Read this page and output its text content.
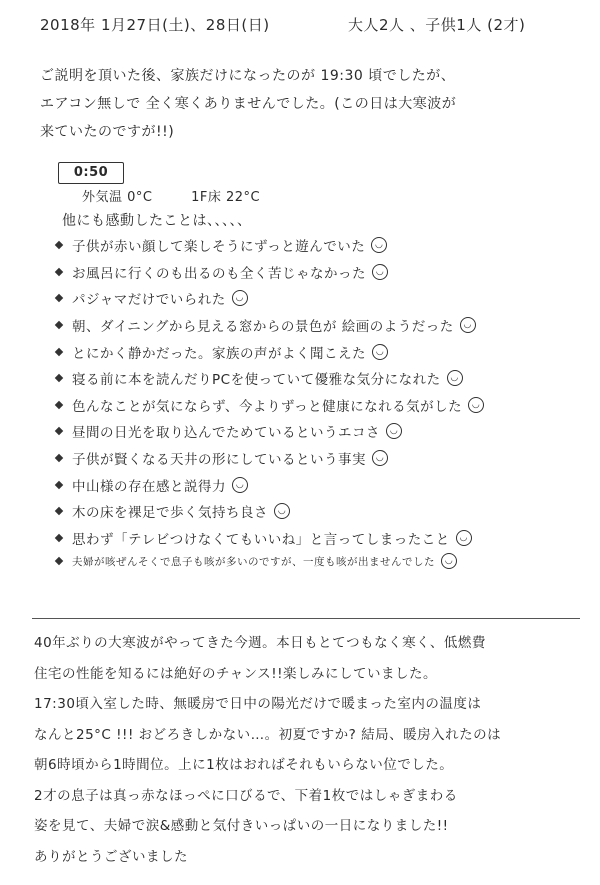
2018年 1月27日(土)、28日(日)	大人2人 、子供1人 (2才)
ご説明を頂いた後、家族だけになったのが 19:30 頃でしたが、
エアコン無しで 全く寒くありませんでした。(この日は大寒波が
来ていたのですが!!)
0:50
外気温 0°C	1F床 22°C
他にも感動したことは、、、、、
子供が赤い顔して楽しそうにずっと遊んでいた	◡
お風呂に行くのも出るのも全く苦じゃなかった	◡
パジャマだけでいられた	◡
朝、ダイニングから見える窓からの景色が 絵画のようだった	◡
とにかく静かだった。家族の声がよく聞こえた	◡
寝る前に本を読んだりPCを使っていて優雅な気分になれた	◡
色んなことが気にならず、今よりずっと健康になれる気がした	◡
昼間の日光を取り込んでためているというエコさ	◡
子供が賢くなる天井の形にしているという事実	◡
中山様の存在感と説得力	◡
木の床を裸足で歩く気持ち良さ	◡
思わず「テレビつけなくてもいいね」と言ってしまったこと	◡
夫婦が咳ぜんそくで息子も咳が多いのですが、一度も咳が出ませんでした	◡
40年ぶりの大寒波がやってきた今週。本日もとてつもなく寒く、低燃費
住宅の性能を知るには絶好のチャンス!!楽しみにしていました。
17:30頃入室した時、無暖房で日中の陽光だけで暖まった室内の温度は
なんと25°C !!! おどろきしかない…。初夏ですか? 結局、暖房入れたのは
朝6時頃から1時間位。上に1枚はおればそれもいらない位でした。
2才の息子は真っ赤なほっぺに口びるで、下着1枚ではしゃぎまわる
姿を見て、夫婦で涙&感動と気付きいっぱいの一日になりました!!
ありがとうございました
